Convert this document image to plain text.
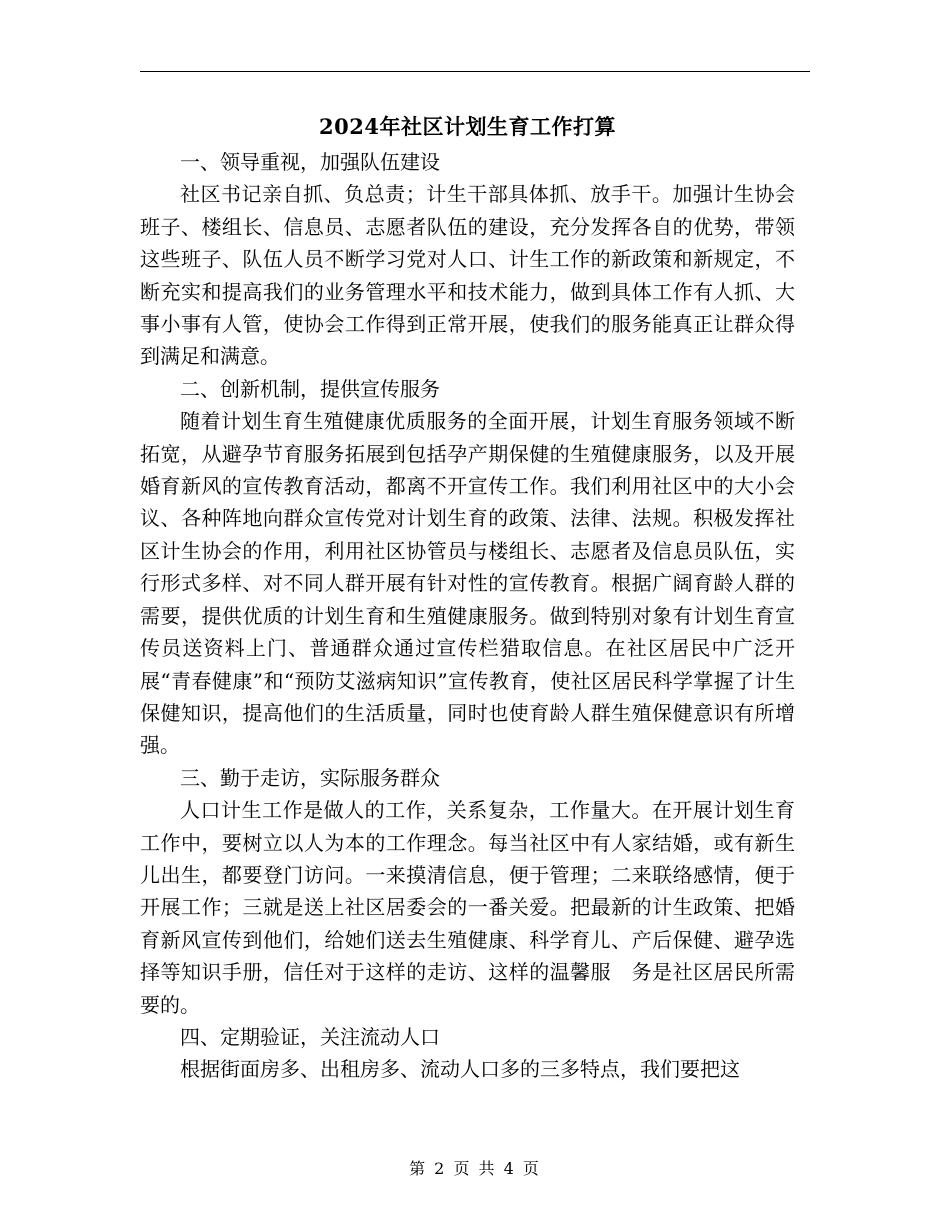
2024年社区计划生育工作打算

一、领导重视，加强队伍建设

社区书记亲自抓、负总责；计生干部具体抓、放手干。加强计生协会班子、楼组长、信息员、志愿者队伍的建设，充分发挥各自的优势，带领这些班子、队伍人员不断学习党对人口、计生工作的新政策和新规定，不断充实和提高我们的业务管理水平和技术能力，做到具体工作有人抓、大事小事有人管，使协会工作得到正常开展，使我们的服务能真正让群众得到满足和满意。

二、创新机制，提供宣传服务

随着计划生育生殖健康优质服务的全面开展，计划生育服务领域不断拓宽，从避孕节育服务拓展到包括孕产期保健的生殖健康服务，以及开展婚育新风的宣传教育活动，都离不开宣传工作。我们利用社区中的大小会议、各种阵地向群众宣传党对计划生育的政策、法律、法规。积极发挥社区计生协会的作用，利用社区协管员与楼组长、志愿者及信息员队伍，实行形式多样、对不同人群开展有针对性的宣传教育。根据广阔育龄人群的需要，提供优质的计划生育和生殖健康服务。做到特别对象有计划生育宣传员送资料上门、普通群众通过宣传栏猎取信息。在社区居民中广泛开展“青春健康”和“预防艾滋病知识”宣传教育，使社区居民科学掌握了计生保健知识，提高他们的生活质量，同时也使育龄人群生殖保健意识有所增强。

三、勤于走访，实际服务群众

人口计生工作是做人的工作，关系复杂，工作量大。在开展计划生育工作中，要树立以人为本的工作理念。每当社区中有人家结婚，或有新生儿出生，都要登门访问。一来摸清信息，便于管理；二来联络感情，便于开展工作；三就是送上社区居委会的一番关爱。把最新的计生政策、把婚育新风宣传到他们，给她们送去生殖健康、科学育儿、产后保健、避孕选择等知识手册，信任对于这样的走访、这样的温馨服　务是社区居民所需要的。

四、定期验证，关注流动人口

根据街面房多、出租房多、流动人口多的三多特点，我们要把这

第 2 页 共 4 页
